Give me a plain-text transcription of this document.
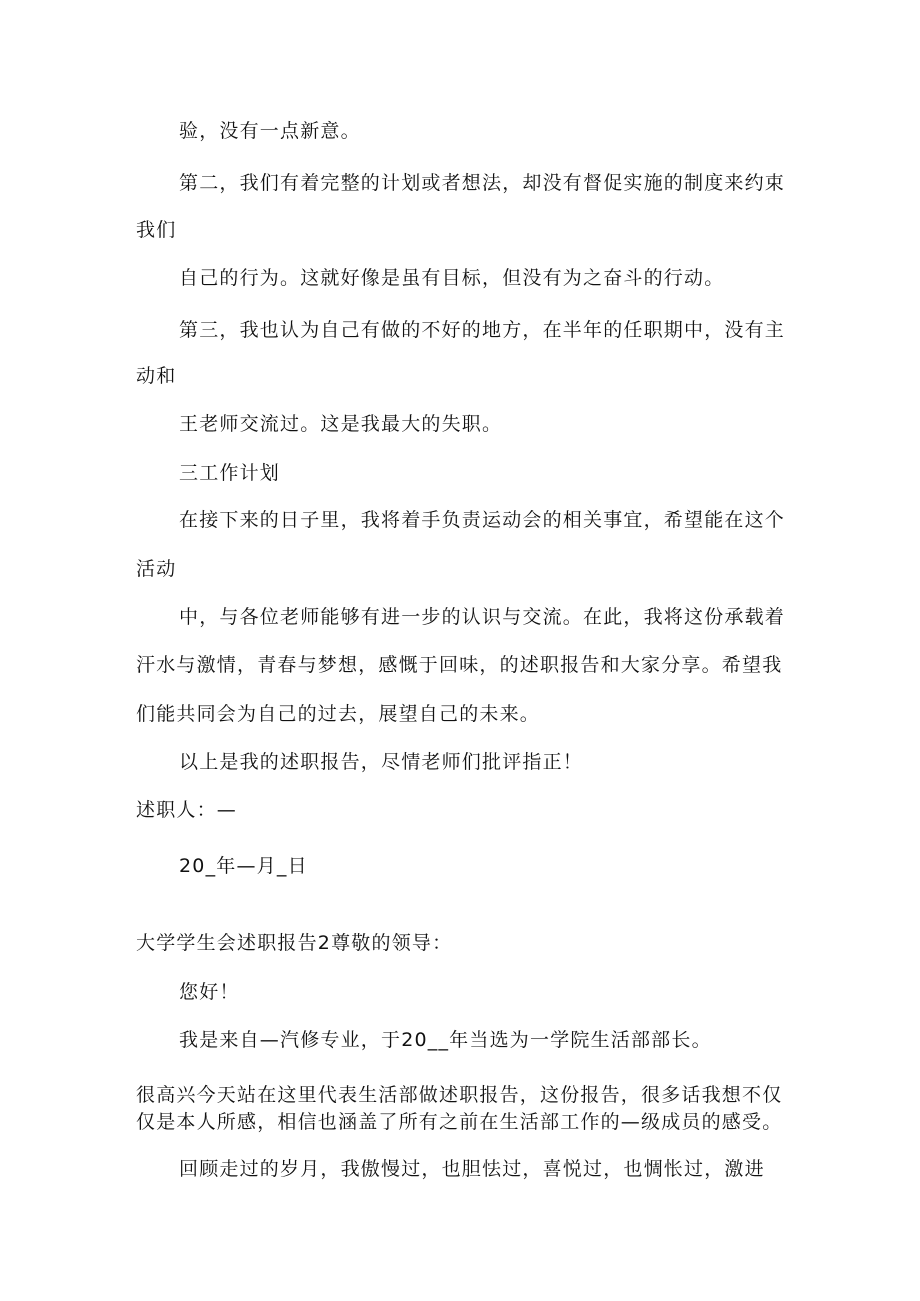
验，没有一点新意。
第二，我们有着完整的计划或者想法，却没有督促实施的制度来约束
我们
自己的行为。这就好像是虽有目标，但没有为之奋斗的行动。
第三，我也认为自己有做的不好的地方，在半年的任职期中，没有主
动和
王老师交流过。这是我最大的失职。
三工作计划
在接下来的日子里，我将着手负责运动会的相关事宜，希望能在这个
活动
中，与各位老师能够有进一步的认识与交流。在此，我将这份承载着
汗水与激情，青春与梦想，感慨于回味，的述职报告和大家分享。希望我
们能共同会为自己的过去，展望自己的未来。
以上是我的述职报告，尽情老师们批评指正！
述职人：—
20_年—月_日
大学学生会述职报告2尊敬的领导：
您好！
我是来自—汽修专业，于20__年当选为一学院生活部部长。
很高兴今天站在这里代表生活部做述职报告，这份报告，很多话我想不仅
仅是本人所感，相信也涵盖了所有之前在生活部工作的—级成员的感受。
回顾走过的岁月，我傲慢过，也胆怯过，喜悦过，也惆怅过，激进
